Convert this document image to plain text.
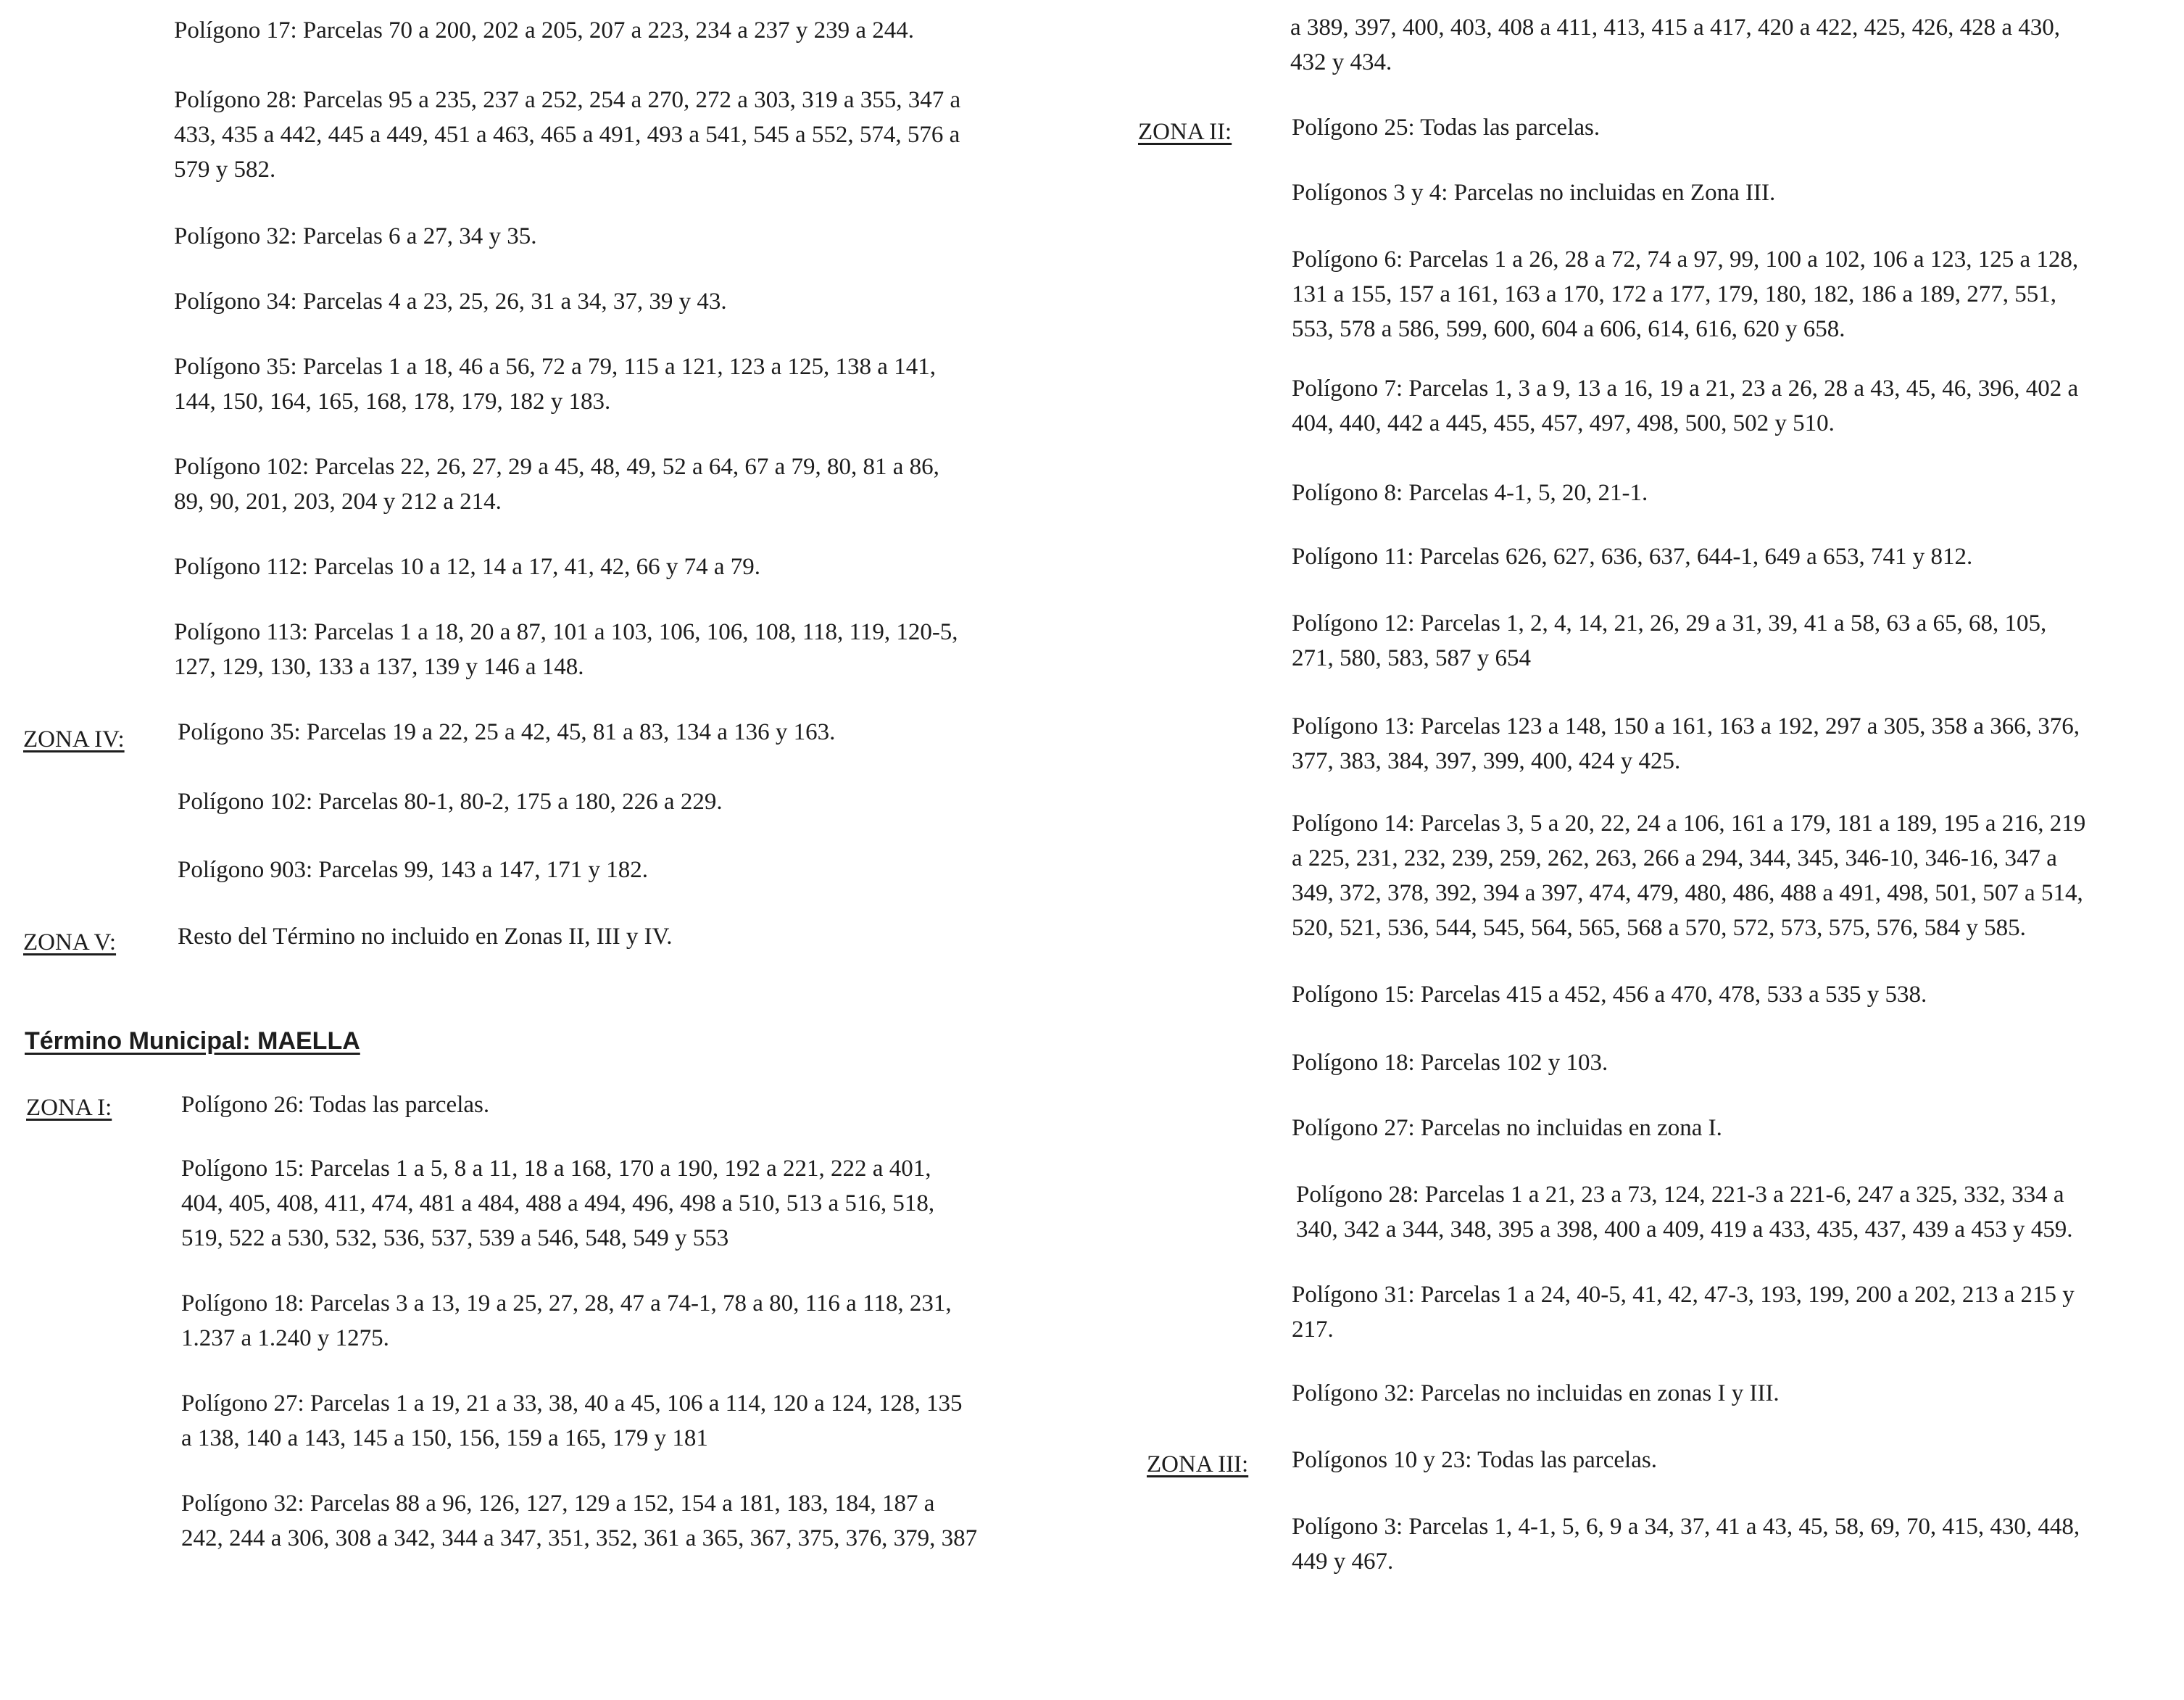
Polígono 17: Parcelas 70 a 200, 202 a 205, 207 a 223, 234 a 237 y 239 a 244.
Polígono 28: Parcelas 95 a 235, 237 a 252, 254 a 270, 272 a 303, 319 a 355, 347 a
433, 435 a 442, 445 a 449, 451 a 463, 465 a 491, 493 a 541, 545 a 552, 574, 576 a
579 y 582.
Polígono 32: Parcelas 6 a 27, 34 y 35.
Polígono 34: Parcelas 4 a 23, 25, 26, 31 a 34, 37, 39 y 43.
Polígono 35: Parcelas 1 a 18, 46 a 56, 72 a 79, 115 a 121, 123 a 125, 138 a 141,
144, 150, 164, 165, 168, 178, 179, 182 y 183.
Polígono 102: Parcelas 22, 26, 27, 29 a 45, 48, 49, 52 a 64, 67 a 79, 80, 81 a 86,
89, 90, 201, 203, 204 y 212 a 214.
Polígono 112: Parcelas 10 a 12, 14 a 17, 41, 42, 66 y 74 a 79.
Polígono 113: Parcelas 1 a 18, 20 a 87, 101 a 103, 106, 106, 108, 118, 119, 120-5,
127, 129, 130, 133 a 137, 139 y 146 a 148.
ZONA IV: Polígono 35: Parcelas 19 a 22, 25 a 42, 45, 81 a 83, 134 a 136 y 163.
Polígono 102: Parcelas 80-1, 80-2, 175 a 180, 226 a 229.
Polígono 903: Parcelas 99, 143 a 147, 171 y 182.
ZONA V:	Resto del Término no incluido en Zonas II, III y IV.
Término Municipal: MAELLA
ZONA I:	Polígono 26: Todas las parcelas.
Polígono 15: Parcelas 1 a 5, 8 a 11, 18 a 168, 170 a 190, 192 a 221, 222 a 401,
404, 405, 408, 411, 474, 481 a 484, 488 a 494, 496, 498 a 510, 513 a 516, 518,
519, 522 a 530, 532, 536, 537, 539 a 546, 548, 549 y 553
Polígono 18: Parcelas 3 a 13, 19 a 25, 27, 28, 47 a 74-1, 78 a 80, 116 a 118, 231,
1.237 a 1.240 y 1275.
Polígono 27: Parcelas 1 a 19, 21 a 33, 38, 40 a 45, 106 a 114, 120 a 124, 128, 135
a 138, 140 a 143, 145 a 150, 156, 159 a 165, 179 y 181
Polígono 32: Parcelas 88 a 96, 126, 127, 129 a 152, 154 a 181, 183, 184, 187 a
242, 244 a 306, 308 a 342, 344 a 347, 351, 352, 361 a 365, 367, 375, 376, 379, 387
a 389, 397, 400, 403, 408 a 411, 413, 415 a 417, 420 a 422, 425, 426, 428 a 430,
432 y 434.
ZONA II:	Polígono 25: Todas las parcelas.
Polígonos 3 y 4: Parcelas no incluidas en Zona III.
Polígono 6: Parcelas 1 a 26, 28 a 72, 74 a 97, 99, 100 a 102, 106 a 123, 125 a 128,
131 a 155, 157 a 161, 163 a 170, 172 a 177, 179, 180, 182, 186 a 189, 277, 551,
553, 578 a 586, 599, 600, 604 a 606, 614, 616, 620 y 658.
Polígono 7: Parcelas 1, 3 a 9, 13 a 16, 19 a 21, 23 a 26, 28 a 43, 45, 46, 396, 402 a
404, 440, 442 a 445, 455, 457, 497, 498, 500, 502 y 510.
Polígono 8: Parcelas 4-1, 5, 20, 21-1.
Polígono 11: Parcelas 626, 627, 636, 637, 644-1, 649 a 653, 741 y 812.
Polígono 12: Parcelas 1, 2, 4, 14, 21, 26, 29 a 31, 39, 41 a 58, 63 a 65, 68, 105,
271, 580, 583, 587 y 654
Polígono 13: Parcelas 123 a 148, 150 a 161, 163 a 192, 297 a 305, 358 a 366, 376,
377, 383, 384, 397, 399, 400, 424 y 425.
Polígono 14: Parcelas 3, 5 a 20, 22, 24 a 106, 161 a 179, 181 a 189, 195 a 216, 219
a 225, 231, 232, 239, 259, 262, 263, 266 a 294, 344, 345, 346-10, 346-16, 347 a
349, 372, 378, 392, 394 a 397, 474, 479, 480, 486, 488 a 491, 498, 501, 507 a 514,
520, 521, 536, 544, 545, 564, 565, 568 a 570, 572, 573, 575, 576, 584 y 585.
Polígono 15: Parcelas 415 a 452, 456 a 470, 478, 533 a 535 y 538.
Polígono 18: Parcelas 102 y 103.
Polígono 27: Parcelas no incluidas en zona I.
Polígono 28: Parcelas 1 a 21, 23 a 73, 124, 221-3 a 221-6, 247 a 325, 332, 334 a
340, 342 a 344, 348, 395 a 398, 400 a 409, 419 a 433, 435, 437, 439 a 453 y 459.
Polígono 31: Parcelas 1 a 24, 40-5, 41, 42, 47-3, 193, 199, 200 a 202, 213 a 215 y
217.
Polígono 32: Parcelas no incluidas en zonas I y III.
ZONA III: Polígonos 10 y 23: Todas las parcelas.
Polígono 3: Parcelas 1, 4-1, 5, 6, 9 a 34, 37, 41 a 43, 45, 58, 69, 70, 415, 430, 448,
449 y 467.
